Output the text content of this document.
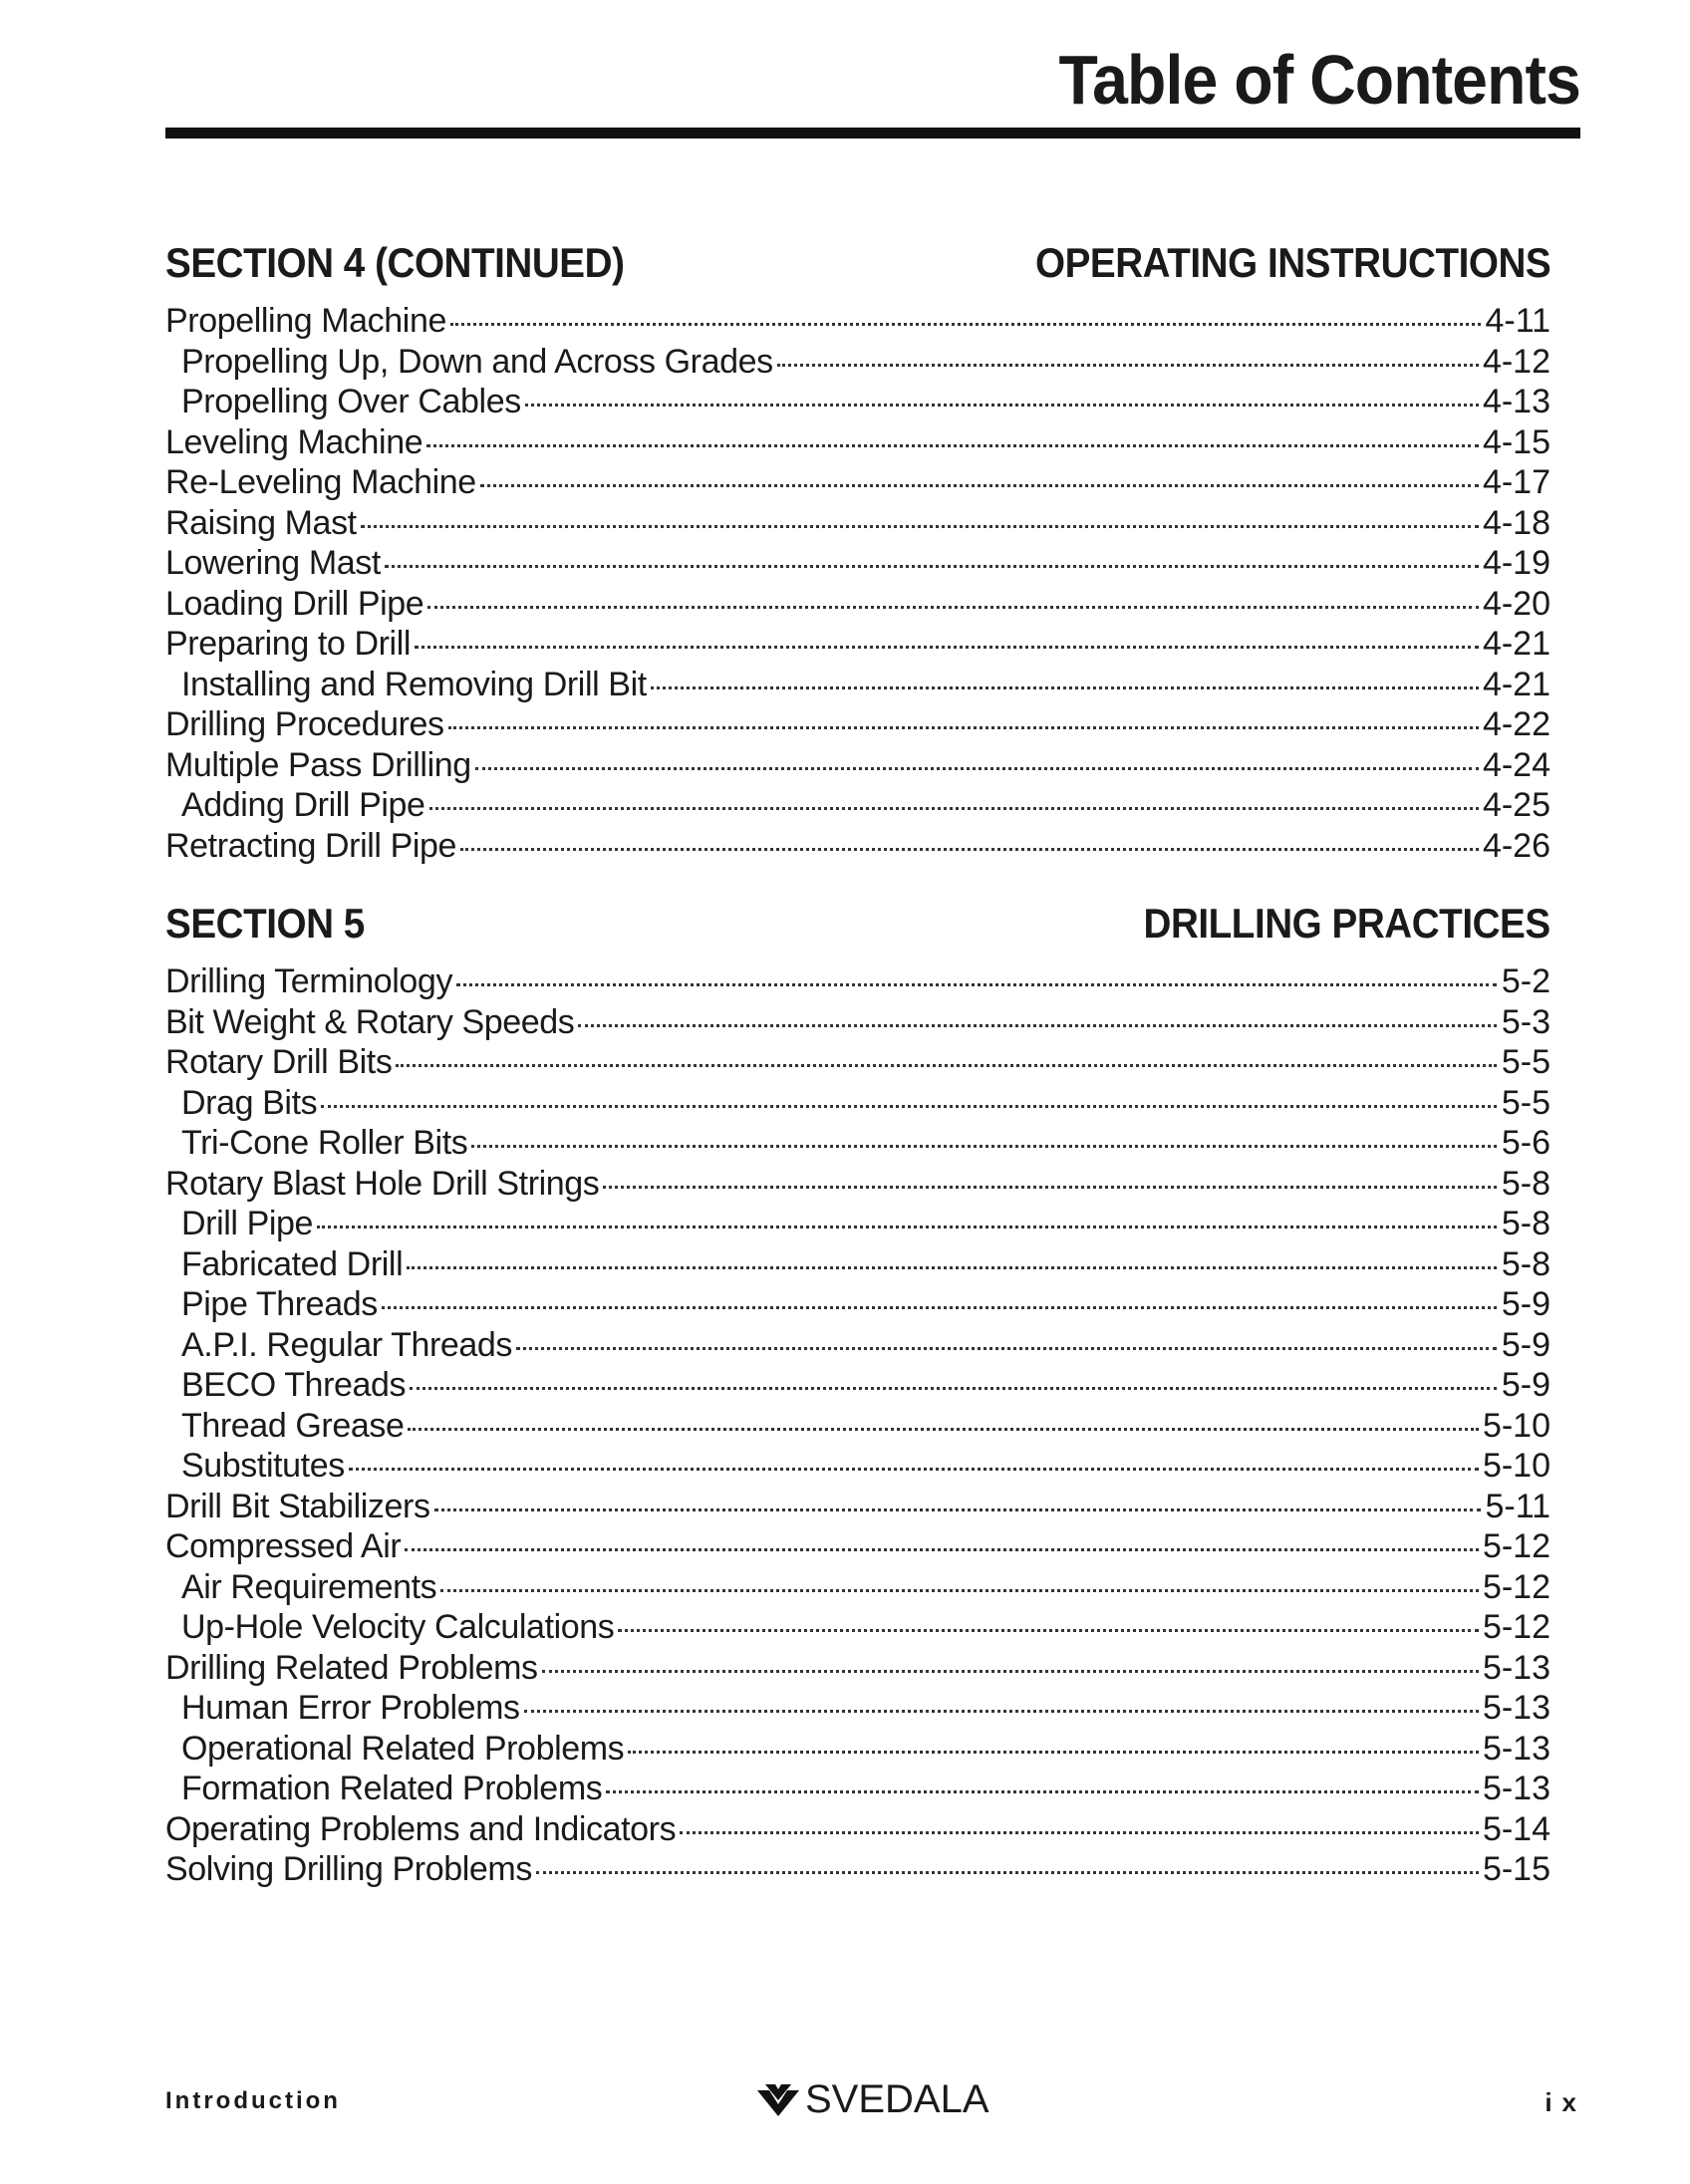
Table of Contents
SECTION 4 (CONTINUED)	OPERATING INSTRUCTIONS
Propelling Machine	4-11
Propelling Up, Down and Across Grades	4-12
Propelling Over Cables	4-13
Leveling Machine	4-15
Re-Leveling Machine	4-17
Raising Mast	4-18
Lowering Mast	4-19
Loading Drill Pipe	4-20
Preparing to Drill	4-21
Installing and Removing Drill Bit	4-21
Drilling Procedures	4-22
Multiple Pass Drilling	4-24
Adding Drill Pipe	4-25
Retracting Drill Pipe	4-26
SECTION 5	DRILLING PRACTICES
Drilling Terminology	5-2
Bit Weight & Rotary Speeds	5-3
Rotary Drill Bits	5-5
Drag Bits	5-5
Tri-Cone Roller Bits	5-6
Rotary Blast Hole Drill Strings	5-8
Drill Pipe	5-8
Fabricated Drill	5-8
Pipe Threads	5-9
A.P.I. Regular Threads	5-9
BECO Threads	5-9
Thread Grease	5-10
Substitutes	5-10
Drill Bit Stabilizers	5-11
Compressed Air	5-12
Air Requirements	5-12
Up-Hole Velocity Calculations	5-12
Drilling Related Problems	5-13
Human Error Problems	5-13
Operational Related Problems	5-13
Formation Related Problems	5-13
Operating Problems and Indicators	5-14
Solving Drilling Problems	5-15
Introduction	SVEDALA	ix
